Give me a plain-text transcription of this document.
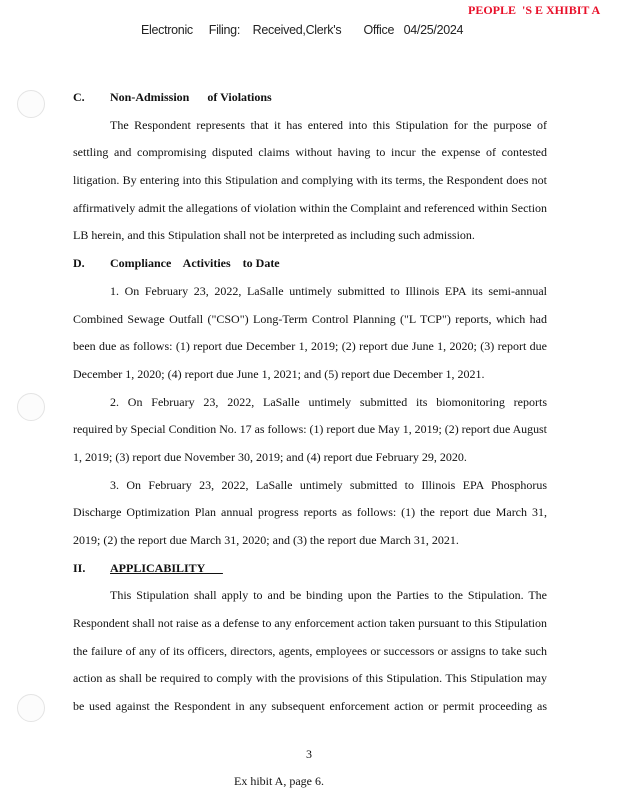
PEOPLE  'S E XHIBIT A
Electronic     Filing:    Received,Clerk's       Office   04/25/2024
C.	Non-Admission      of Violations
The Respondent represents that it has entered into this Stipulation for the purpose of
settling and compromising disputed claims without having to incur the expense of contested
litigation. By entering into this Stipulation and complying with its terms, the Respondent does not
affirmatively admit the allegations of violation within the Complaint and referenced within Section
LB herein, and this Stipulation shall not be interpreted as including such admission.
D.	Compliance    Activities    to Date
1. On February 23, 2022, LaSalle untimely submitted to Illinois EPA its semi-annual
Combined Sewage Outfall ("CSO") Long-Term Control Planning ("L TCP") reports, which had
been due as follows: (1) report due December 1, 2019; (2) report due June 1, 2020; (3) report due
December 1, 2020; (4) report due June 1, 2021; and (5) report due December 1, 2021.
2. On February 23, 2022, LaSalle untimely submitted its biomonitoring reports
required by Special Condition No. 17 as follows: (1) report due May 1, 2019; (2) report due August
1, 2019; (3) report due November 30, 2019; and (4) report due February 29, 2020.
3. On February 23, 2022, LaSalle untimely submitted to Illinois EPA Phosphorus
Discharge Optimization Plan annual progress reports as follows: (1) the report due March 31,
2019; (2) the report due March 31, 2020; and (3) the report due March 31, 2021.
II.	APPLICABILITY
This Stipulation shall apply to and be binding upon the Parties to the Stipulation. The
Respondent shall not raise as a defense to any enforcement action taken pursuant to this Stipulation
the failure of any of its officers, directors, agents, employees or successors or assigns to take such
action as shall be required to comply with the provisions of this Stipulation. This Stipulation may
be used against the Respondent in any subsequent enforcement action or permit proceeding as
3
Ex hibit A, page 6.
